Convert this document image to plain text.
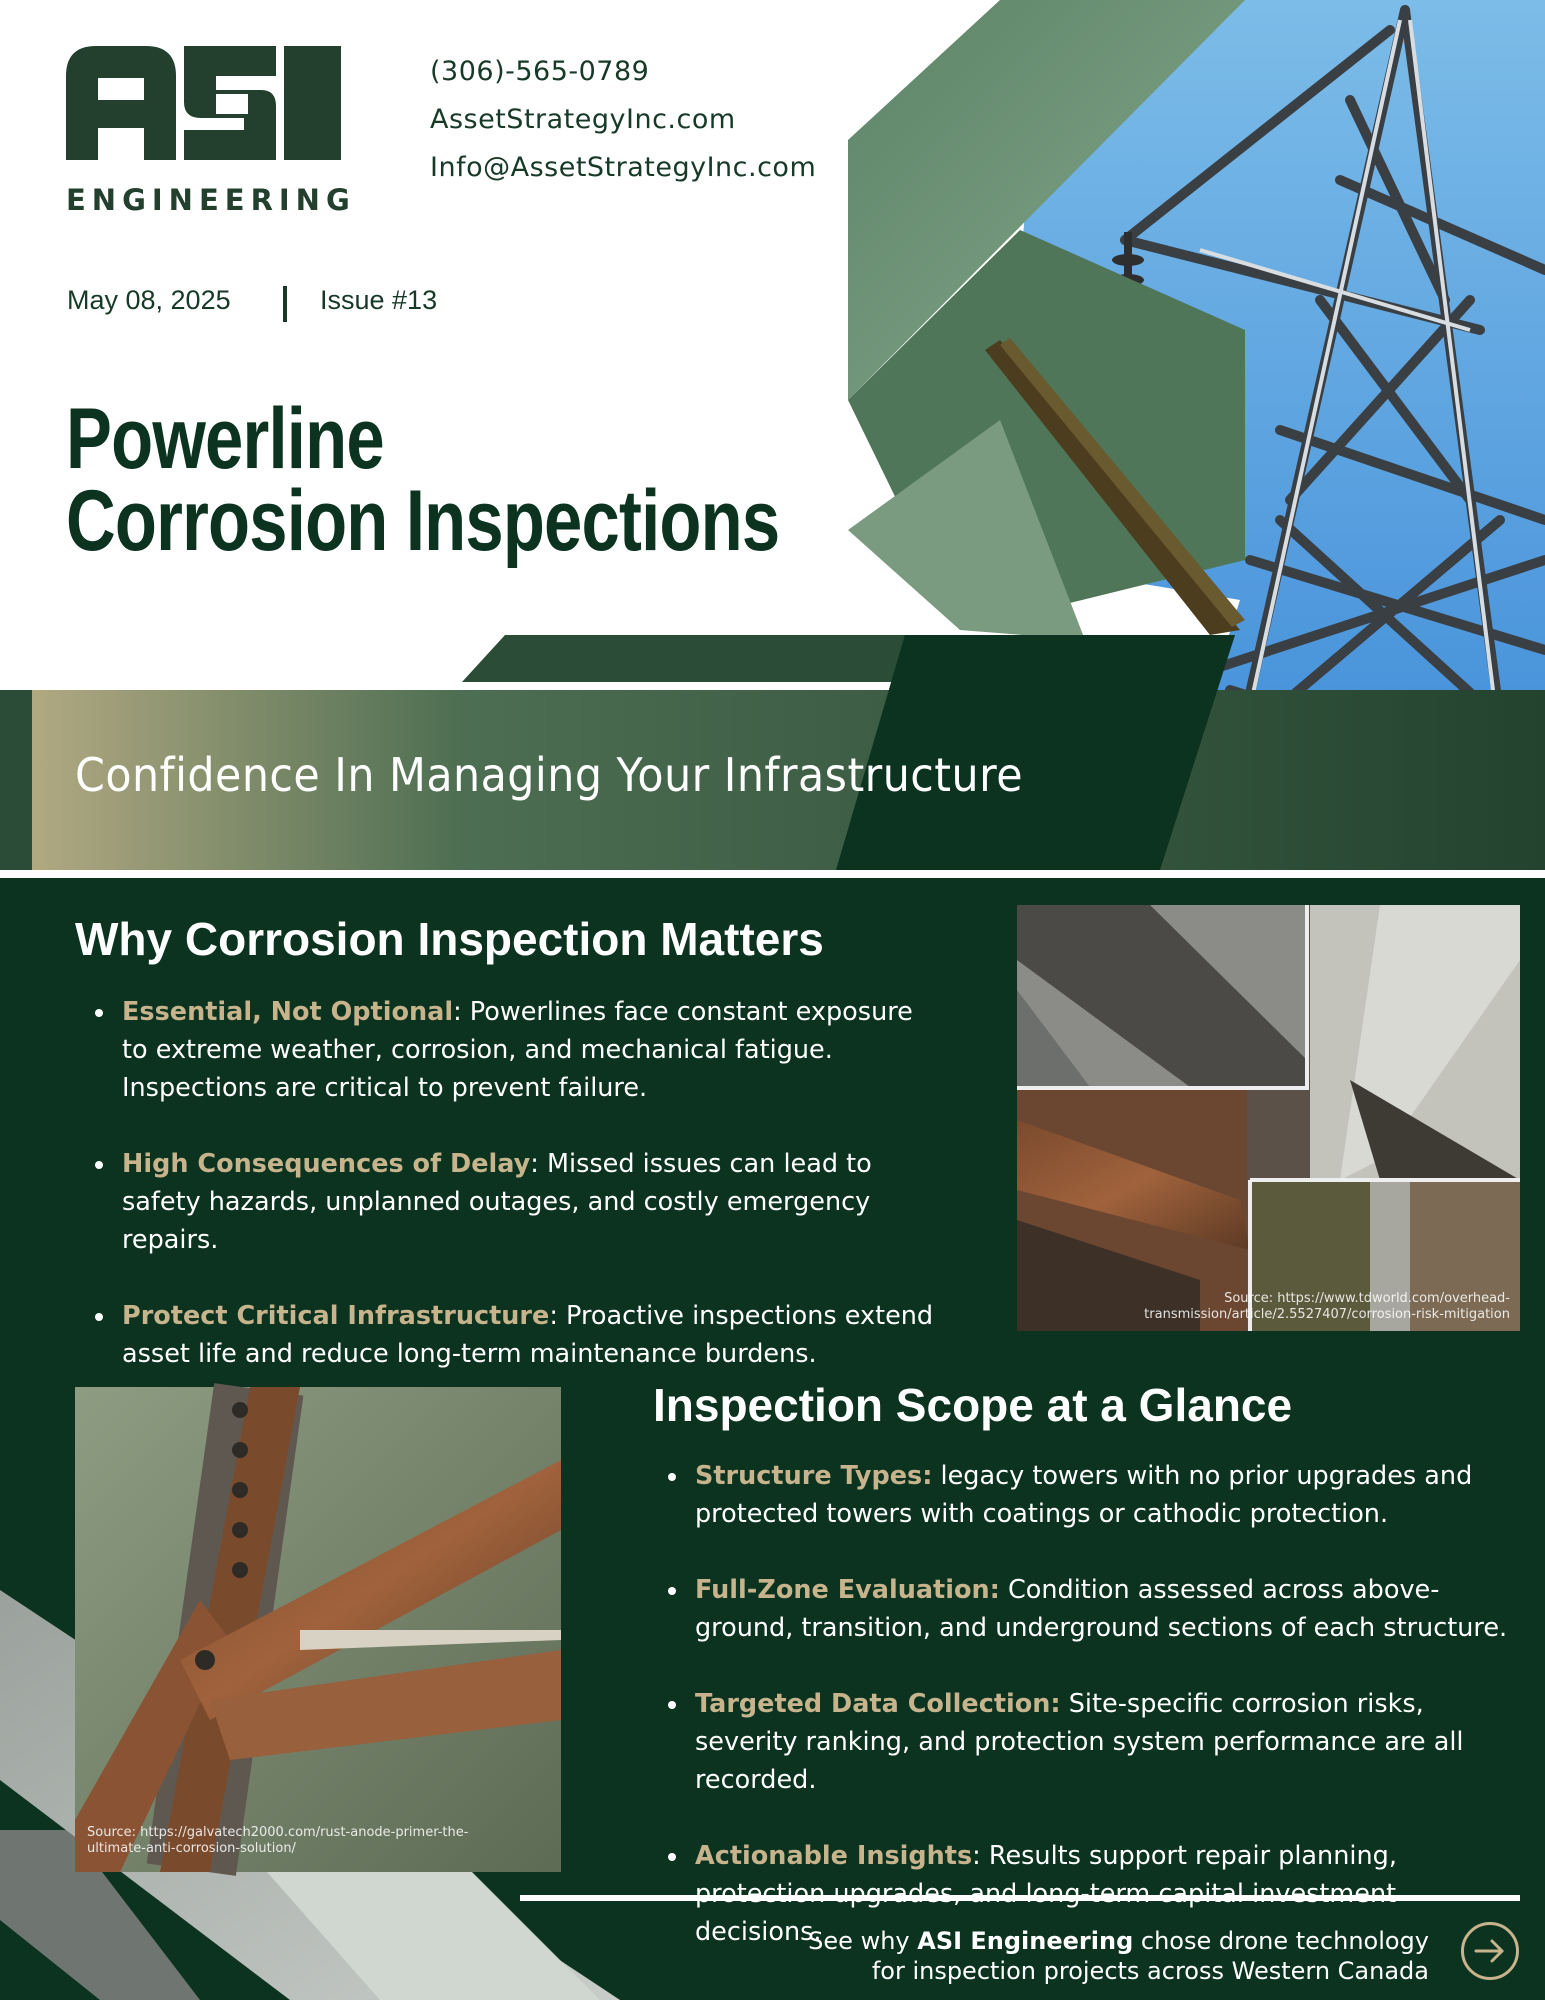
ENGINEERING
(306)-565-0789
AssetStrategyInc.com
Info@AssetStrategyInc.com
May 08, 2025	Issue #13
Powerline
Corrosion Inspections
Confidence In Managing Your Infrastructure
Why Corrosion Inspection Matters
Essential, Not Optional: Powerlines face constant exposure to extreme weather, corrosion, and mechanical fatigue. Inspections are critical to prevent failure.
High Consequences of Delay: Missed issues can lead to safety hazards, unplanned outages, and costly emergency repairs.
Protect Critical Infrastructure: Proactive inspections extend asset life and reduce long-term maintenance burdens.
Source: https://www.tdworld.com/overhead-
transmission/article/2.5527407/corrosion-risk-mitigation
Inspection Scope at a Glance
Structure Types: legacy towers with no prior upgrades and protected towers with coatings or cathodic protection.
Full-Zone Evaluation: Condition assessed across above-ground, transition, and underground sections of each structure.
Targeted Data Collection: Site-specific corrosion risks, severity ranking, and protection system performance are all recorded.
Actionable Insights: Results support repair planning, protection upgrades, and long-term capital investment decisions.
Source: https://galvatech2000.com/rust-anode-primer-the-
ultimate-anti-corrosion-solution/
See why ASI Engineering chose drone technology
for inspection projects across Western Canada
